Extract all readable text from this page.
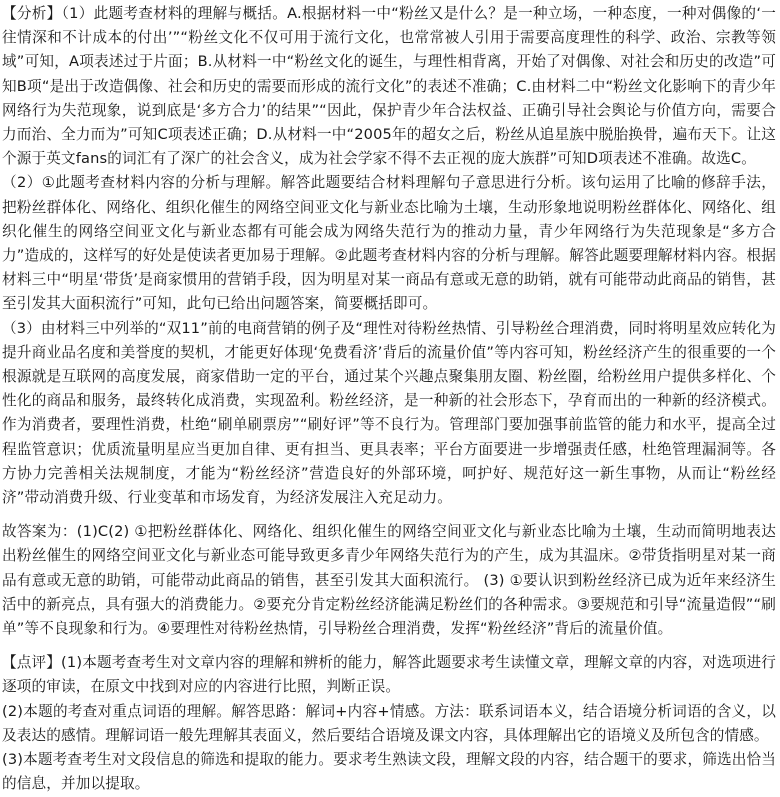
【分析】（1）此题考查材料的理解与概括。A.根据材料一中“粉丝又是什么？是一种立场，一种态度，一种对偶像的‘一往情深和不计成本的付出’”“粉丝文化不仅可用于流行文化，也常常被人引用于需要高度理性的科学、政治、宗教等领域”可知，A项表述过于片面；B.从材料一中“粉丝文化的诞生，与理性相背离，开始了对偶像、对社会和历史的改造”可知B项“是出于改造偶像、社会和历史的需要而形成的流行文化”的表述不准确；C.由材料二中“粉丝文化影响下的青少年网络行为失范现象，说到底是‘多方合力’的结果”“因此，保护青少年合法权益、正确引导社会舆论与价值方向，需要合力而治、全力而为”可知C项表述正确；D.从材料一中“2005年的超女之后，粉丝从追星族中脱胎换骨，遍布天下。让这个源于英文fans的词汇有了深广的社会含义，成为社会学家不得不去正视的庞大族群”可知D项表述不准确。故选C。

（2）①此题考查材料内容的分析与理解。解答此题要结合材料理解句子意思进行分析。该句运用了比喻的修辞手法，把粉丝群体化、网络化、组织化催生的网络空间亚文化与新业态比喻为土壤，生动形象地说明粉丝群体化、网络化、组织化催生的网络空间亚文化与新业态都有可能会成为网络失范行为的推动力量，青少年网络行为失范现象是“多方合力”造成的，这样写的好处是使读者更加易于理解。②此题考查材料内容的分析与理解。解答此题要理解材料内容。根据材料三中“明星‘带货’是商家惯用的营销手段，因为明星对某一商品有意或无意的助销，就有可能带动此商品的销售，甚至引发其大面积流行”可知，此句已给出问题答案，简要概括即可。

（3）由材料三中列举的“双11”前的电商营销的例子及“理性对待粉丝热情、引导粉丝合理消费，同时将明星效应转化为提升商业品名度和美誉度的契机，才能更好体现‘免费看济’背后的流量价值”等内容可知，粉丝经济产生的很重要的一个根源就是互联网的高度发展，商家借助一定的平台，通过某个兴趣点聚集朋友圈、粉丝圈，给粉丝用户提供多样化、个性化的商品和服务，最终转化成消费，实现盈利。粉丝经济，是一种新的社会形态下，孕育而出的一种新的经济模式。作为消费者，要理性消费，杜绝“刷单刷票房”“刷好评”等不良行为。管理部门要加强事前监管的能力和水平，提高全过程监管意识；优质流量明星应当更加自律、更有担当、更具表率；平台方面要进一步增强责任感，杜绝管理漏洞等。各方协力完善相关法规制度，才能为“粉丝经济”营造良好的外部环境，呵护好、规范好这一新生事物，从而让“粉丝经济”带动消费升级、行业变革和市场发育，为经济发展注入充足动力。

故答案为：(1)C(2) ①把粉丝群体化、网络化、组织化催生的网络空间亚文化与新业态比喻为土壤，生动而简明地表达出粉丝催生的网络空间亚文化与新业态可能导致更多青少年网络失范行为的产生，成为其温床。②带货指明星对某一商品有意或无意的助销，可能带动此商品的销售，甚至引发其大面积流行。 (3) ①要认识到粉丝经济已成为近年来经济生活中的新亮点，具有强大的消费能力。②要充分肯定粉丝经济能满足粉丝们的各种需求。③要规范和引导“流量造假”“刷单”等不良现象和行为。④要理性对待粉丝热情，引导粉丝合理消费，发挥“粉丝经济”背后的流量价值。

【点评】(1)本题考查考生对文章内容的理解和辨析的能力，解答此题要求考生读懂文章，理解文章的内容，对选项进行逐项的审读，在原文中找到对应的内容进行比照，判断正误。

(2)本题的考查对重点词语的理解。解答思路：解词+内容+情感。方法：联系词语本义，结合语境分析词语的含义，以及表达的感情。理解词语一般先理解其表面义，然后要结合语境及课文内容，具体理解出它的语境义及所包含的情感。

(3)本题考查考生对文段信息的筛选和提取的能力。要求考生熟读文段，理解文段的内容，结合题干的要求，筛选出恰当的信息，并加以提取。
